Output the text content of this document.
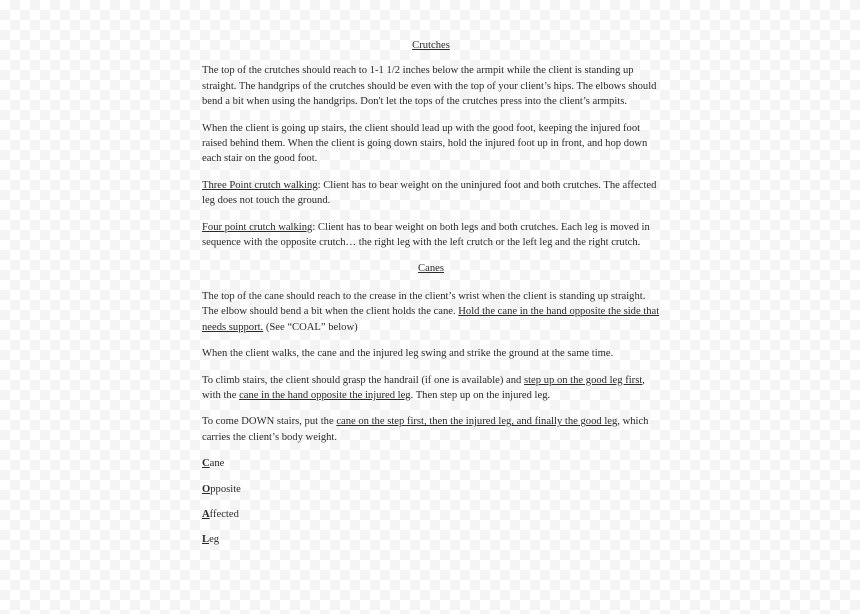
Crutches

The top of the crutches should reach to 1-1 1/2 inches below the armpit while the client is standing up straight. The handgrips of the crutches should be even with the top of your client’s hips. The elbows should bend a bit when using the handgrips. Don't let the tops of the crutches press into the client’s armpits.

When the client is going up stairs, the client should lead up with the good foot, keeping the injured foot raised behind them. When the client is going down stairs, hold the injured foot up in front, and hop down each stair on the good foot.

Three Point crutch walking: Client has to bear weight on the uninjured foot and both crutches. The affected leg does not touch the ground.

Four point crutch walking: Client has to bear weight on both legs and both crutches. Each leg is moved in sequence with the opposite crutch… the right leg with the left crutch or the left leg and the right crutch.

Canes

The top of the cane should reach to the crease in the client’s wrist when the client is standing up straight. The elbow should bend a bit when the client holds the cane. Hold the cane in the hand opposite the side that needs support. (See “COAL” below)

When the client walks, the cane and the injured leg swing and strike the ground at the same time.

To climb stairs, the client should grasp the handrail (if one is available) and step up on the good leg first, with the cane in the hand opposite the injured leg. Then step up on the injured leg.

To come DOWN stairs, put the cane on the step first, then the injured leg, and finally the good leg, which carries the client’s body weight.

Cane
Opposite
Affected
Leg
